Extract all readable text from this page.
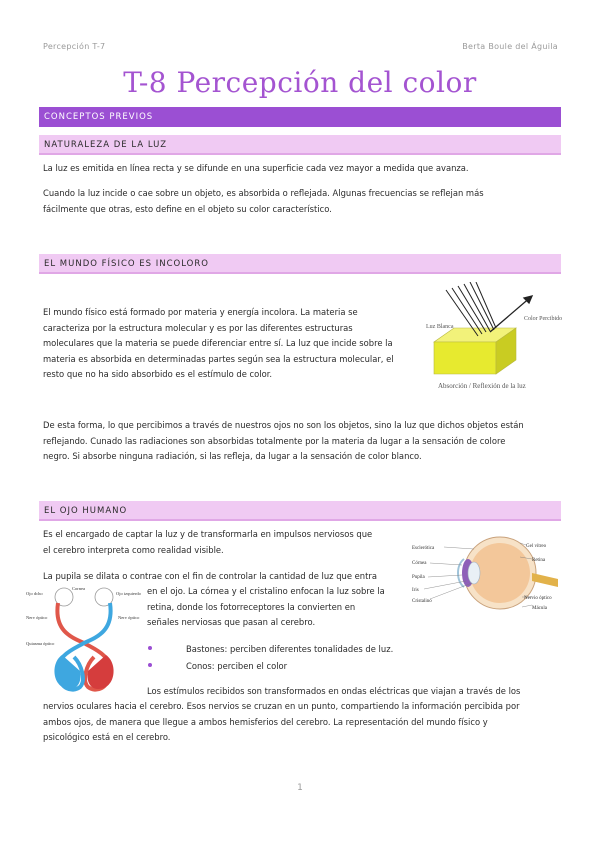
Percepción T-7	Berta Boule del Águila
T-8 Percepción del color
CONCEPTOS PREVIOS
NATURALEZA DE LA LUZ
La luz es emitida en línea recta y se difunde en una superficie cada vez mayor a medida que avanza.
Cuando la luz incide o cae sobre un objeto, es absorbida o reflejada. Algunas frecuencias se reflejan más
fácilmente que otras, esto define en el objeto su color característico.
EL MUNDO FÍSICO ES INCOLORO
El mundo físico está formado por materia y energía incolora. La materia se
caracteriza por la estructura molecular y es por las diferentes estructuras
moleculares que la materia se puede diferenciar entre sí. La luz que incide sobre la
materia es absorbida en determinadas partes según sea la estructura molecular, el
resto que no ha sido absorbido es el estímulo de color.
Luz Blanca
Color Percibido
Absorción / Reflexión de la luz
De esta forma, lo que percibimos a través de nuestros ojos no son los objetos, sino la luz que dichos objetos están
reflejando. Cunado las radiaciones son absorbidas totalmente por la materia da lugar a la sensación de colore
negro. Si absorbe ninguna radiación, si las refleja, da lugar a la sensación de color blanco.
EL OJO HUMANO
Es el encargado de captar la luz y de transformarla en impulsos nerviosos que
el cerebro interpreta como realidad visible.
La pupila se dilata o contrae con el fin de controlar la cantidad de luz que entra
en el ojo. La córnea y el cristalino enfocan la luz sobre la
retina, donde los fotorreceptores la convierten en
señales nerviosas que pasan al cerebro.
Bastones: perciben diferentes tonalidades de luz.
Conos: perciben el color
Cornea
Ojo dcho	Ojo izquierdo
Nerv óptico	Nerv óptico
Quiasma óptico
Esclerótica
Córnea
Pupila
Iris
Cristalino
Gel vítreo
Retina
Nervio óptico
Mácula
Los estímulos recibidos son transformados en ondas eléctricas que viajan a través de los
nervios oculares hacia el cerebro. Esos nervios se cruzan en un punto, compartiendo la información percibida por
ambos ojos, de manera que llegue a ambos hemisferios del cerebro. La representación del mundo físico y
psicológico está en el cerebro.
1
